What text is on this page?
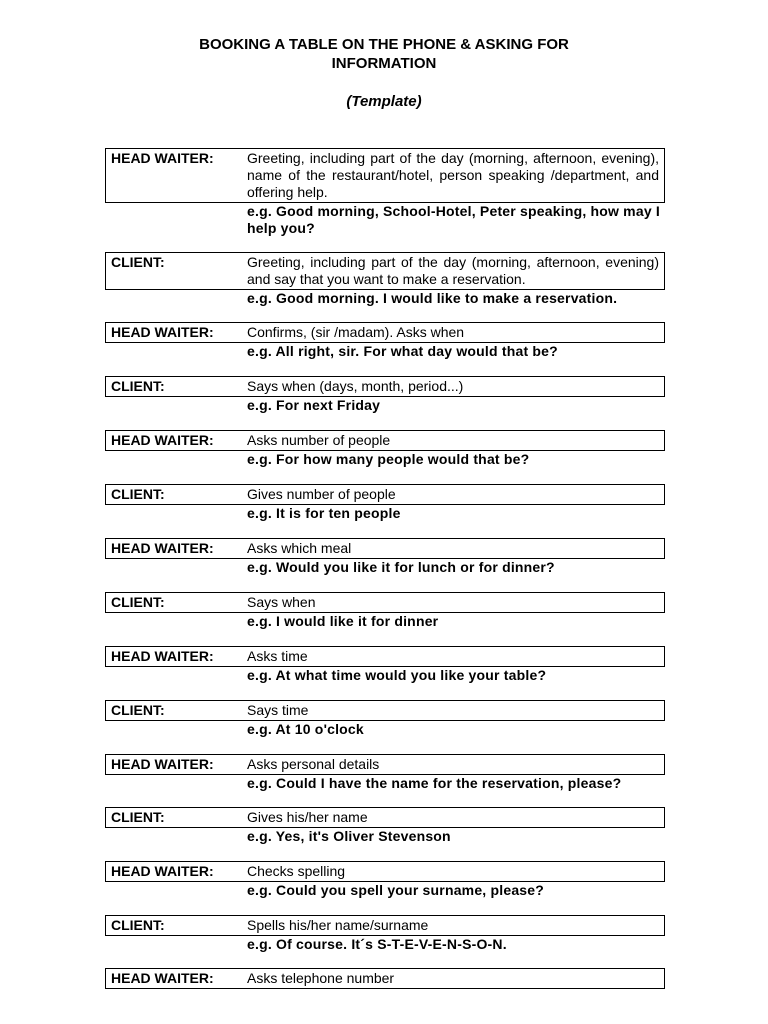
BOOKING A TABLE ON THE PHONE & ASKING FOR
INFORMATION
(Template)
HEAD WAITER:	Greeting, including part of the day (morning, afternoon, evening), name of the restaurant/hotel, person speaking /department, and offering help.
e.g. Good morning, School-Hotel, Peter speaking, how may I help you?
CLIENT:	Greeting, including part of the day (morning, afternoon, evening) and say that you want to make a reservation.
e.g. Good morning. I would like to make a reservation.
HEAD WAITER:	Confirms, (sir /madam). Asks when
e.g. All right, sir. For what day would that be?
CLIENT:	Says when (days, month, period...)
e.g. For next Friday
HEAD WAITER:	Asks number of people
e.g. For how many people would that be?
CLIENT:	Gives number of people
e.g. It is for ten people
HEAD WAITER:	Asks which meal
e.g. Would you like it for lunch or for dinner?
CLIENT:	Says when
e.g. I would like it for dinner
HEAD WAITER:	Asks time
e.g. At what time would you like your table?
CLIENT:	Says time
e.g. At 10 o'clock
HEAD WAITER:	Asks personal details
e.g. Could I have the name for the reservation, please?
CLIENT:	Gives his/her name
e.g. Yes, it's Oliver Stevenson
HEAD WAITER:	Checks spelling
e.g. Could you spell your surname, please?
CLIENT:	Spells his/her name/surname
e.g. Of course. It´s S-T-E-V-E-N-S-O-N.
HEAD WAITER:	Asks telephone number
